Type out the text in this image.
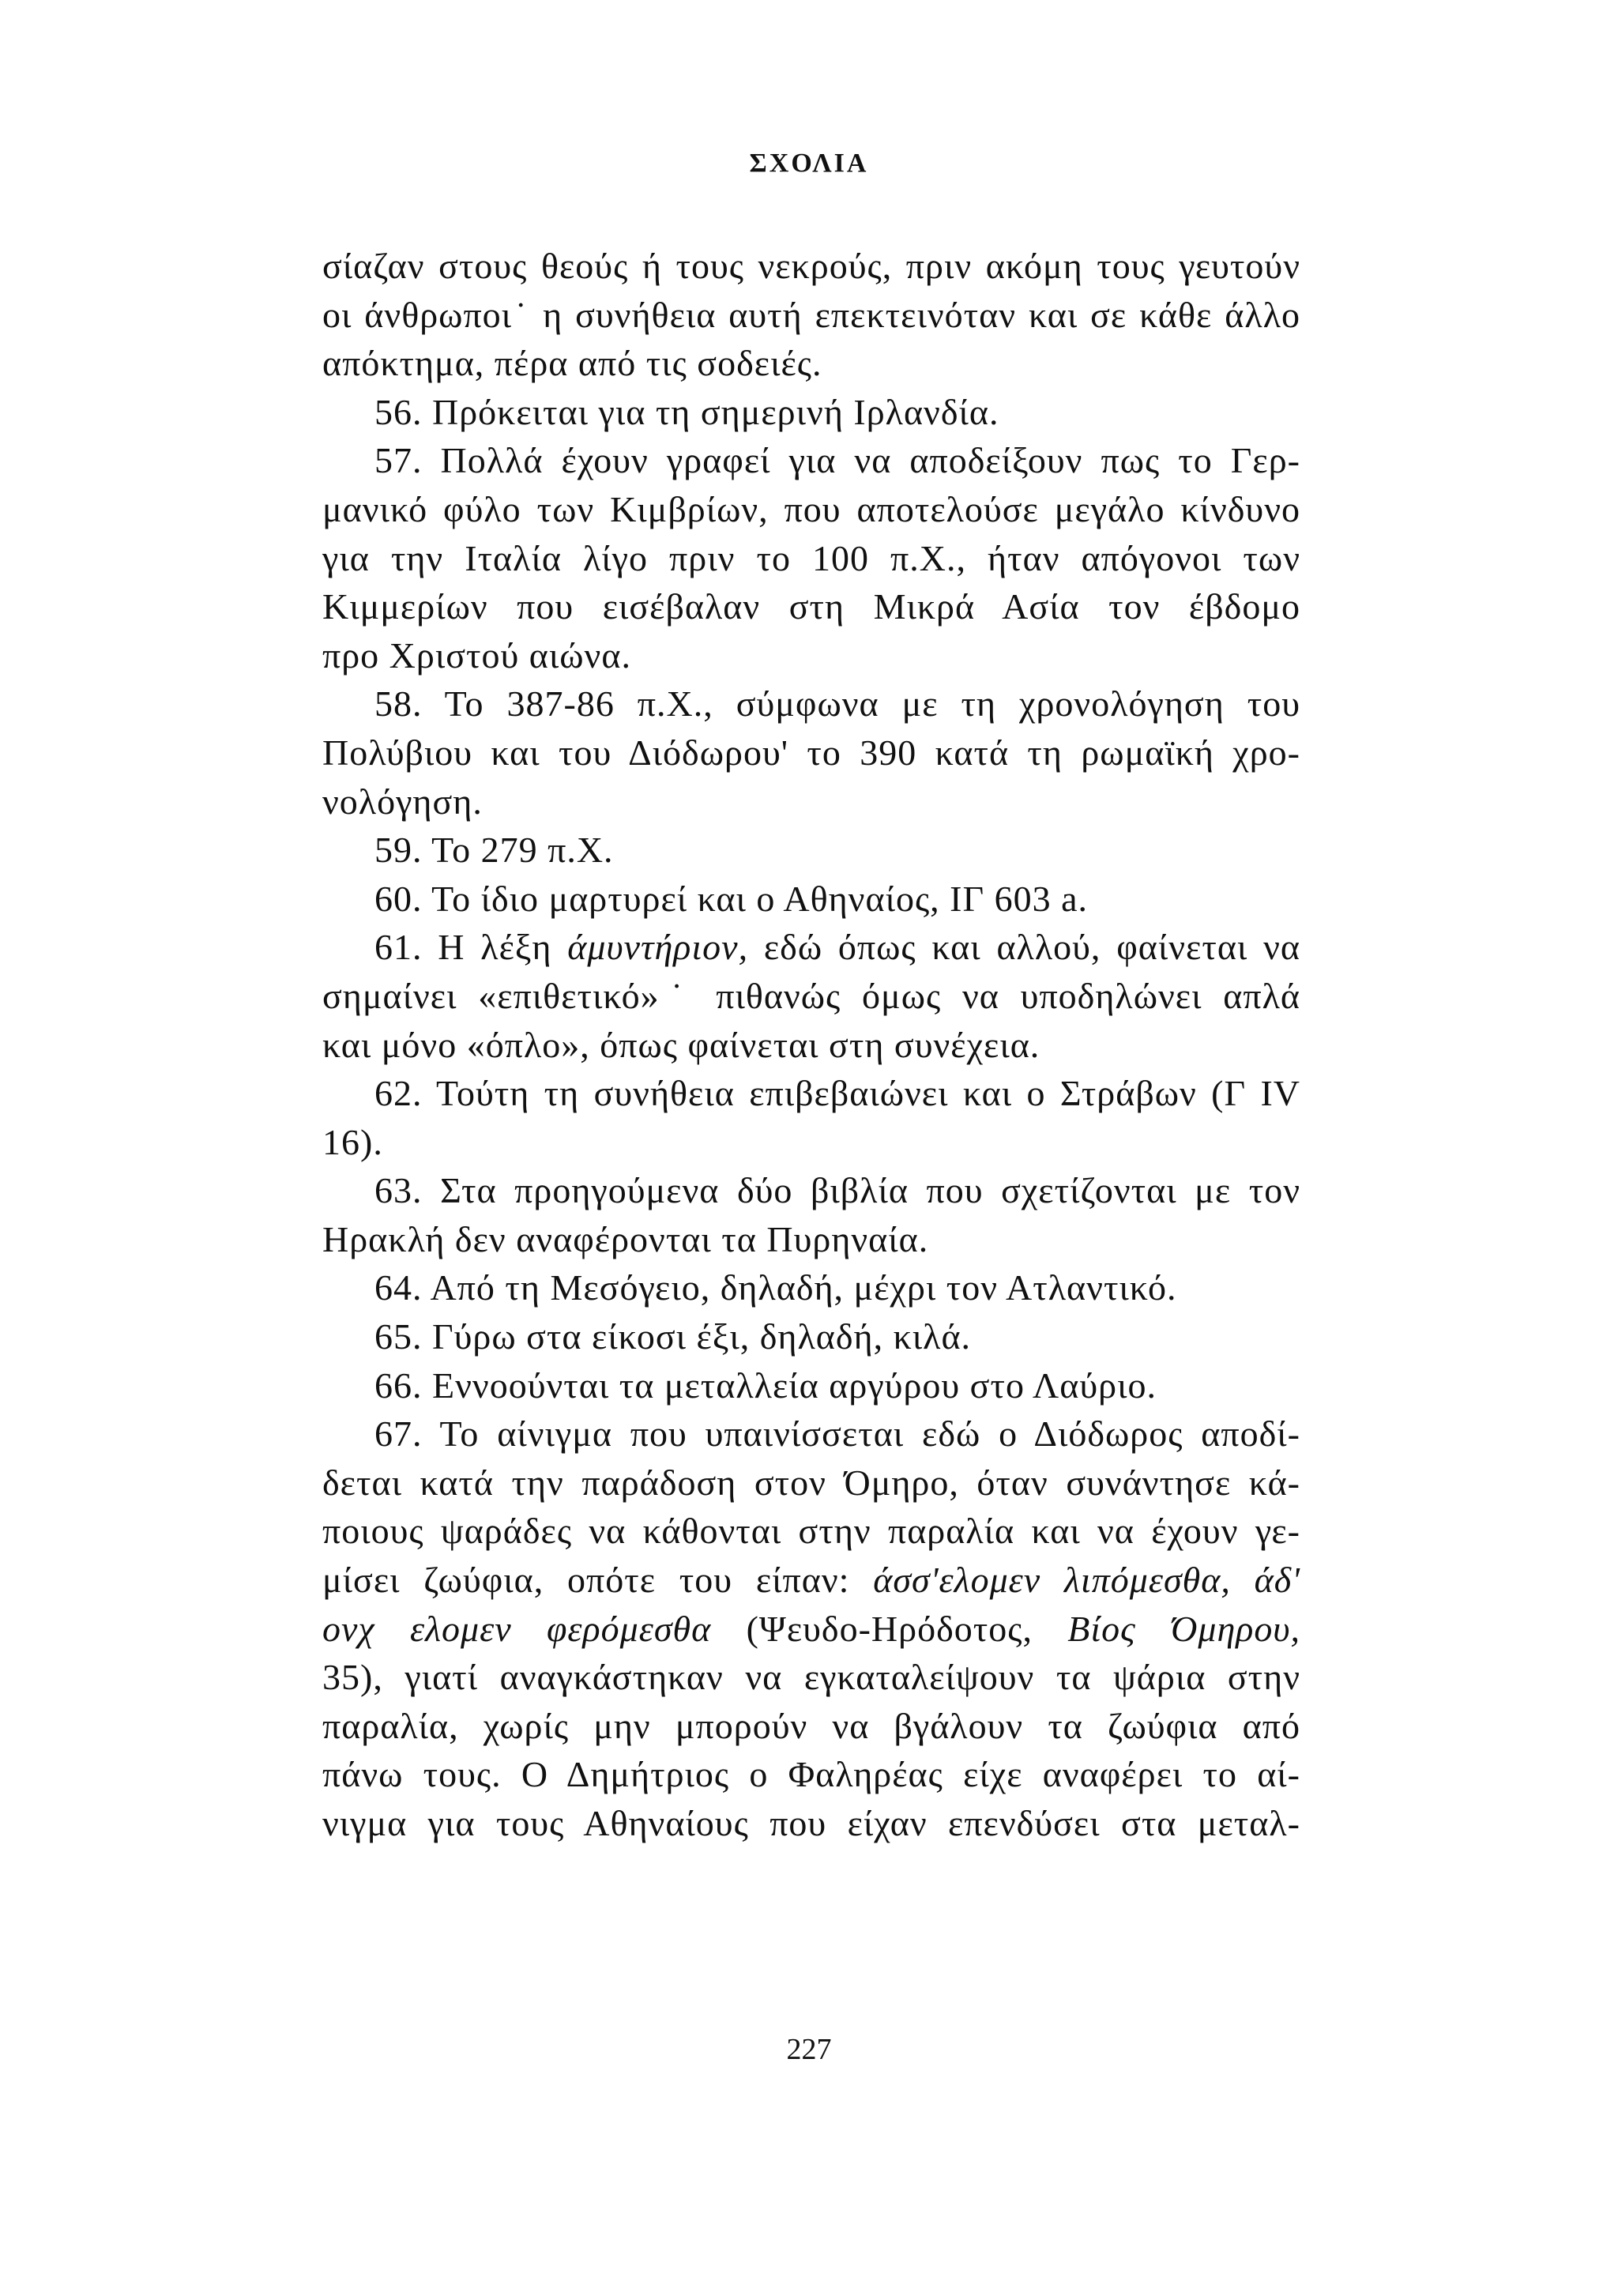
ΣΧΟΛΙΑ
σίαζαν στους θεούς ή τους νεκρούς, πριν ακόμη τους γευτούν
οι άνθρωποι˙ η συνήθεια αυτή επεκτεινόταν και σε κάθε άλλο
απόκτημα, πέρα από τις σοδειές.
56. Πρόκειται για τη σημερινή Ιρλανδία.
57. Πολλά έχουν γραφεί για να αποδείξουν πως το Γερ-
μανικό φύλο των Κιμβρίων, που αποτελούσε μεγάλο κίνδυνο
για την Ιταλία λίγο πριν το 100 π.Χ., ήταν απόγονοι των
Κιμμερίων που εισέβαλαν στη Μικρά Ασία τον έβδομο
προ Χριστού αιώνα.
58. Το 387-86 π.Χ., σύμφωνα με τη χρονολόγηση του
Πολύβιου και του Διόδωρου' το 390 κατά τη ρωμαϊκή χρο-
νολόγηση.
59. Το 279 π.Χ.
60. Το ίδιο μαρτυρεί και ο Αθηναίος, ΙΓ 603 a.
61. Η λέξη άμυντήριον, εδώ όπως και αλλού, φαίνεται να
σημαίνει «επιθετικό»˙ πιθανώς όμως να υποδηλώνει απλά
και μόνο «όπλο», όπως φαίνεται στη συνέχεια.
62. Τούτη τη συνήθεια επιβεβαιώνει και ο Στράβων (Γ IV
16).
63. Στα προηγούμενα δύο βιβλία που σχετίζονται με τον
Ηρακλή δεν αναφέρονται τα Πυρηναία.
64. Από τη Μεσόγειο, δηλαδή, μέχρι τον Ατλαντικό.
65. Γύρω στα είκοσι έξι, δηλαδή, κιλά.
66. Εννοούνται τα μεταλλεία αργύρου στο Λαύριο.
67. Το αίνιγμα που υπαινίσσεται εδώ ο Διόδωρος αποδί-
δεται κατά την παράδοση στον Όμηρο, όταν συνάντησε κά-
ποιους ψαράδες να κάθονται στην παραλία και να έχουν γε-
μίσει ζωύφια, οπότε του είπαν: άσσ'ελομεν λιπόμεσθα, άδ'
ονχ ελομεν φερόμεσθα (Ψευδο-Ηρόδοτος, Βίος Όμηρου,
35), γιατί αναγκάστηκαν να εγκαταλείψουν τα ψάρια στην
παραλία, χωρίς μην μπορούν να βγάλουν τα ζωύφια από
πάνω τους. Ο Δημήτριος ο Φαληρέας είχε αναφέρει το αί-
νιγμα για τους Αθηναίους που είχαν επενδύσει στα μεταλ-
227
